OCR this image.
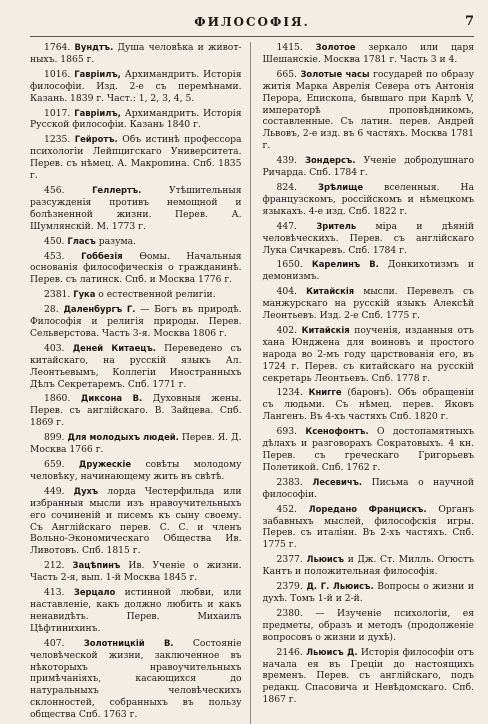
ФИЛОСОФІЯ.	7

1764. Вундтъ. Душа человѣка и живот-ныхъ. 1865 г.

1016. Гавріилъ, Архимандритъ. Исторія философіи. Изд. 2-е съ перемѣнами. Казань. 1839 г. Част.: 1, 2, 3, 4, 5.

1017. Гавріилъ, Архимандритъ. Исторія Русской философіи. Казань 1840 г.

1235. Гейротъ. Объ истинѣ профессора психологіи Лейпцигскаго Университета. Перев. съ нѣмец. А. Макропина. Спб. 1835 г.

456.	Геллертъ.	Утѣшительныя разсужденія противъ немощной и болѣзненной жизни. Перев. А. Шумлянскій. М. 1773 г.

450. Гласъ разума.

453. Гоббезія Ѳомы. Начальныя основанія философическія о гражданинѣ. Перев. съ латинск. Спб. и Москва 1776 г.

2381. Гука о естественной религіи.

28. Даленбургъ Г. — Богъ въ природѣ. Философія и религія природы. Перев. Сельверстова. Часть 3-я. Москва 1806 г.

403. Деней Китаецъ. Переведено съ китайскаго, на русскій языкъ Ал. Леонтьевымъ, Коллегіи Иностранныхъ Дѣлъ Секретаремъ. Спб. 1771 г.

1860. Диксона В. Духовныя жены. Перев. съ англійскаго. В. Зайцева. Спб. 1869 г.

899. Для молодыхъ людей. Перев. Я. Д. Москва 1766 г.

659. Дружескіе совѣты молодому человѣку, начинающему жить въ свѣтѣ.

449. Духъ лорда Честерфильда или избранныя мысли изъ нравоучительныхъ его сочиненій и писемъ къ сыну своему. Съ Англійскаго перев. С. С. и членъ Вольно-Экономическаго Общества Ив. Ливотовъ. Спб. 1815 г.

212. Зацѣпинъ Ив. Ученіе о жизни. Часть 2-я, вып. 1-й Москва 1845 г.

413. Зерцало истинной любви, или наставленіе, какъ должно любить и какъ ненавидѣть. Перев. Михаилъ Цѣфтинихинъ.

407. Золотницкій В. Состояніе человѣческой жизни, заключенное въ нѣкоторыхъ нравоучительныхъ примѣчаніяхъ, касающихся до натуральныхъ человѣческихъ склонностей, собранныхъ въ пользу общества Спб. 1763 г.

1415. Золотое зеркало или царя Шешанскіе. Москва 1781 г. Часть 3 и 4.

665. Золотые часы государей по образу житія Марка Аврелія Севера отъ Антонія Перора, Епископа, бывшаго при Карлѣ V, императорѣ проповѣдникомъ, составленные. Съ латин. перев. Андрей Львовъ, 2-е изд. въ 6 частяхъ. Москва 1781 г.

439. Зондерсъ. Ученіе добродушнаго Ричарда. Спб. 1784 г.

824.	Зрѣлище вселенныя. На французскомъ, россійскомъ и нѣмецкомъ языкахъ. 4-е изд. Спб. 1822 г.

447. Зритель міра и дѣяній человѣческихъ. Перев. съ англійскаго Лука Сичкаревъ. Спб. 1784 г.

1650. Карелинъ В. Донкихотизмъ и демонизмъ.

404. Китайскія мысли. Перевелъ съ манжурскаго на русскій языкъ Алексѣй Леонтьевъ. Изд. 2-е Спб. 1775 г.

402. Китайскія поученія, изданныя отъ хана Юнджена для воиновъ и простого народа во 2-мъ году царствованія его, въ 1724 г. Перев. съ китайскаго на русскій секретарь Леонтьевъ. Спб. 1778 г.

1234. Книгге (баронъ). Объ обращеніи съ людьми. Съ нѣмец. перев. Яковъ Лангенъ. Въ 4-хъ частяхъ Спб. 1820 г.

693. Ксенофонтъ. О достопамятныхъ дѣлахъ и разговорахъ Сократовыхъ. 4 кн. Перев. съ греческаго Григорьевъ Полетикой. Спб. 1762 г.

2383. Лесевичъ. Письма о научной философіи.

452. Лоредано Францискъ. Органъ забавныхъ мыслей, философскія игры. Перев. съ италіян. Въ 2-хъ частяхъ. Спб. 1775 г.

2377. Льюисъ и Дж. Ст. Милль. Огюстъ Кантъ и положительная философія.

2379. Д. Г. Льюисъ. Вопросы о жизни и духѣ. Томъ 1-й и 2-й.

2380. — Изученіе психологіи, ея предметы, образъ и методъ (продолженіе вопросовъ о жизни и духѣ).

2146. Льюисъ Д. Исторія философіи отъ начала ея въ Греціи до настоящихъ временъ. Перев. съ англійскаго, подъ редакц. Спасовича и Невѣдомскаго. Спб. 1867 г.
